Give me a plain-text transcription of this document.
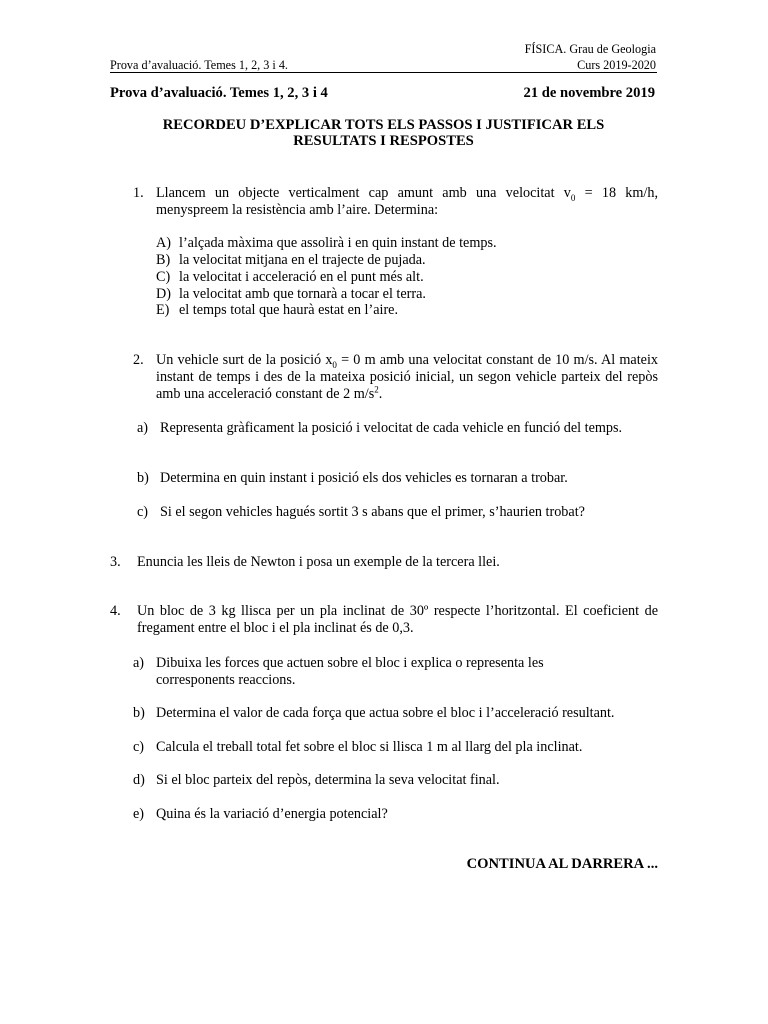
FÍSICA. Grau de Geologia
Prova d’avaluació. Temes 1, 2, 3 i 4.	Curs 2019-2020
Prova d’avaluació. Temes 1, 2, 3 i 4	21 de novembre 2019
RECORDEU D’EXPLICAR TOTS ELS PASSOS I JUSTIFICAR ELS
RESULTATS I RESPOSTES
1. Llancem un objecte verticalment cap amunt amb una velocitat $v_0 = 18$ km/h, menyspreem la resistència amb l’aire. Determina:
A) l’alçada màxima que assolirà i en quin instant de temps.
B) la velocitat mitjana en el trajecte de pujada.
C) la velocitat i acceleració en el punt més alt.
D) la velocitat amb que tornarà a tocar el terra.
E) el temps total que haurà estat en l’aire.
2. Un vehicle surt de la posició $x_0 = 0$ m amb una velocitat constant de 10 m/s. Al mateix instant de temps i des de la mateixa posició inicial, un segon vehicle parteix del repòs amb una acceleració constant de 2 $m/s^2$.
a) Representa gràficament la posició i velocitat de cada vehicle en funció del temps.
b) Determina en quin instant i posició els dos vehicles es tornaran a trobar.
c) Si el segon vehicles hagués sortit 3 s abans que el primer, s’haurien trobat?
3.	Enuncia les lleis de Newton i posa un exemple de la tercera llei.
4.	Un bloc de 3 kg llisca per un pla inclinat de 30º respecte l’horitzontal. El coeficient de fregament entre el bloc i el pla inclinat és de 0,3.
a) Dibuixa les forces que actuen sobre el bloc i explica o representa les corresponents reaccions.
b) Determina el valor de cada força que actua sobre el bloc i l’acceleració resultant.
c) Calcula el treball total fet sobre el bloc si llisca 1 m al llarg del pla inclinat.
d) Si el bloc parteix del repòs, determina la seva velocitat final.
e) Quina és la variació d’energia potencial?
CONTINUA AL DARRERA ...
